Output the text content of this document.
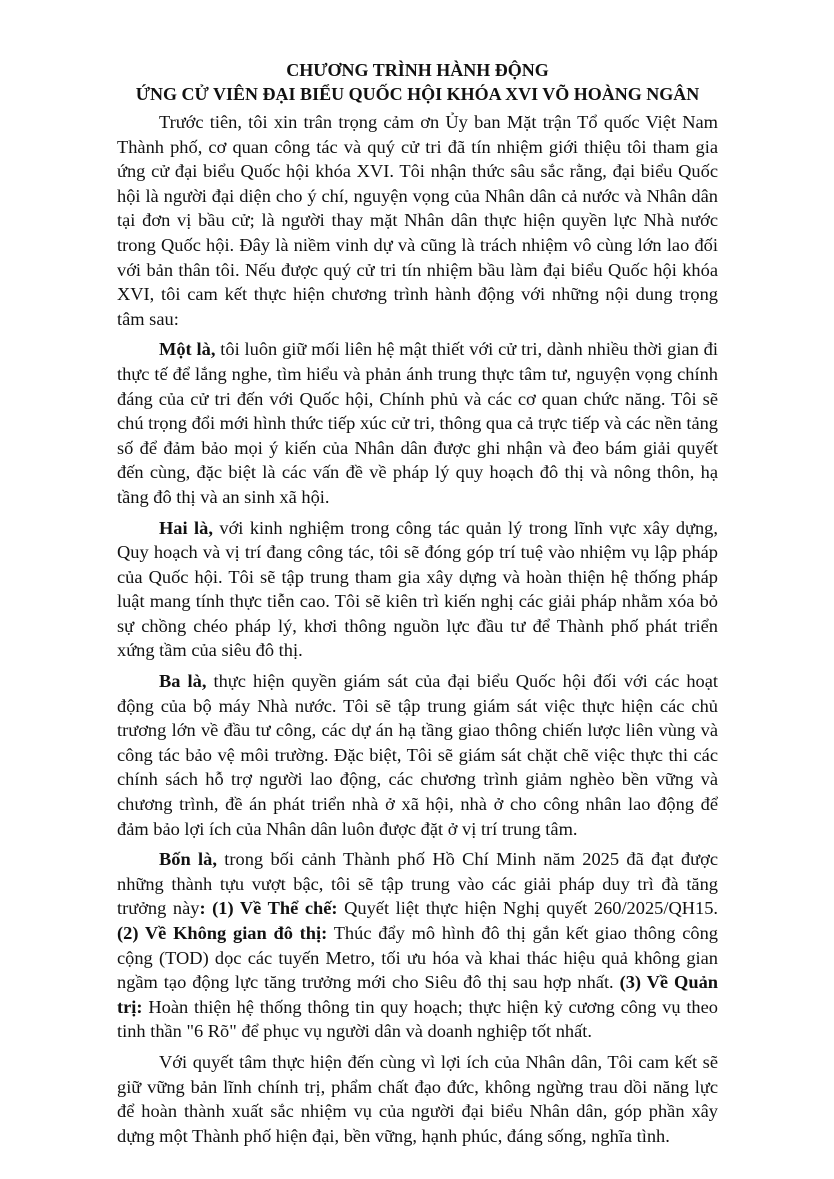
CHƯƠNG TRÌNH HÀNH ĐỘNG
ỨNG CỬ VIÊN ĐẠI BIỂU QUỐC HỘI KHÓA XVI VÕ HOÀNG NGÂN

Trước tiên, tôi xin trân trọng cảm ơn Ủy ban Mặt trận Tổ quốc Việt Nam Thành phố, cơ quan công tác và quý cử tri đã tín nhiệm giới thiệu tôi tham gia ứng cử đại biểu Quốc hội khóa XVI. Tôi nhận thức sâu sắc rằng, đại biểu Quốc hội là người đại diện cho ý chí, nguyện vọng của Nhân dân cả nước và Nhân dân tại đơn vị bầu cử; là người thay mặt Nhân dân thực hiện quyền lực Nhà nước trong Quốc hội. Đây là niềm vinh dự và cũng là trách nhiệm vô cùng lớn lao đối với bản thân tôi. Nếu được quý cử tri tín nhiệm bầu làm đại biểu Quốc hội khóa XVI, tôi cam kết thực hiện chương trình hành động với những nội dung trọng tâm sau:

Một là, tôi luôn giữ mối liên hệ mật thiết với cử tri, dành nhiều thời gian đi thực tế để lắng nghe, tìm hiểu và phản ánh trung thực tâm tư, nguyện vọng chính đáng của cử tri đến với Quốc hội, Chính phủ và các cơ quan chức năng. Tôi sẽ chú trọng đổi mới hình thức tiếp xúc cử tri, thông qua cả trực tiếp và các nền tảng số để đảm bảo mọi ý kiến của Nhân dân được ghi nhận và đeo bám giải quyết đến cùng, đặc biệt là các vấn đề về pháp lý quy hoạch đô thị và nông thôn, hạ tầng đô thị và an sinh xã hội.

Hai là, với kinh nghiệm trong công tác quản lý trong lĩnh vực xây dựng, Quy hoạch và vị trí đang công tác, tôi sẽ đóng góp trí tuệ vào nhiệm vụ lập pháp của Quốc hội. Tôi sẽ tập trung tham gia xây dựng và hoàn thiện hệ thống pháp luật mang tính thực tiễn cao. Tôi sẽ kiên trì kiến nghị các giải pháp nhằm xóa bỏ sự chồng chéo pháp lý, khơi thông nguồn lực đầu tư để Thành phố phát triển xứng tầm của siêu đô thị.

Ba là, thực hiện quyền giám sát của đại biểu Quốc hội đối với các hoạt động của bộ máy Nhà nước. Tôi sẽ tập trung giám sát việc thực hiện các chủ trương lớn về đầu tư công, các dự án hạ tầng giao thông chiến lược liên vùng và công tác bảo vệ môi trường. Đặc biệt, Tôi sẽ giám sát chặt chẽ việc thực thi các chính sách hỗ trợ người lao động, các chương trình giảm nghèo bền vững và chương trình, đề án phát triển nhà ở xã hội, nhà ở cho công nhân lao động để đảm bảo lợi ích của Nhân dân luôn được đặt ở vị trí trung tâm.

Bốn là, trong bối cảnh Thành phố Hồ Chí Minh năm 2025 đã đạt được những thành tựu vượt bậc, tôi sẽ tập trung vào các giải pháp duy trì đà tăng trưởng này: (1) Về Thể chế: Quyết liệt thực hiện Nghị quyết 260/2025/QH15. (2) Về Không gian đô thị: Thúc đẩy mô hình đô thị gắn kết giao thông công cộng (TOD) dọc các tuyến Metro, tối ưu hóa và khai thác hiệu quả không gian ngầm tạo động lực tăng trưởng mới cho Siêu đô thị sau hợp nhất. (3) Về Quản trị: Hoàn thiện hệ thống thông tin quy hoạch; thực hiện kỷ cương công vụ theo tinh thần "6 Rõ" để phục vụ người dân và doanh nghiệp tốt nhất.

Với quyết tâm thực hiện đến cùng vì lợi ích của Nhân dân, Tôi cam kết sẽ giữ vững bản lĩnh chính trị, phẩm chất đạo đức, không ngừng trau dồi năng lực để hoàn thành xuất sắc nhiệm vụ của người đại biểu Nhân dân, góp phần xây dựng một Thành phố hiện đại, bền vững, hạnh phúc, đáng sống, nghĩa tình.
